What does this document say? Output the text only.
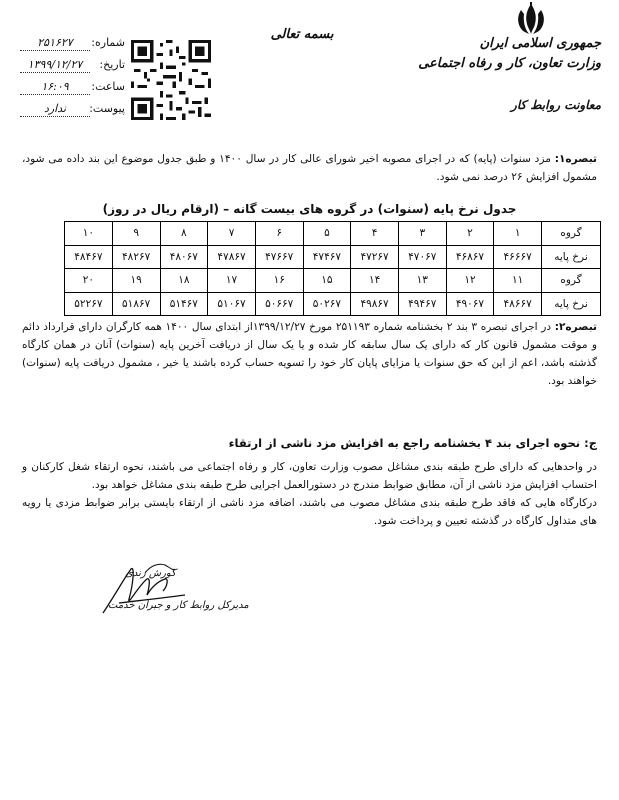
جمهوری اسلامی ایران
وزارت تعاون، کار و رفاه اجتماعی
معاونت روابط کار
بسمه تعالی
شماره:
۲۵۱۶۲۷
تاریخ:
۱۳۹۹/۱۲/۲۷
ساعت:
۱۶:۰۹
پیوست:
ندارد
تبصره۱: مزد سنوات (پایه) که در اجرای مصوبه اخیر شورای عالی کار در سال ۱۴۰۰ و طبق جدول موضوع این بند داده می شود، مشمول افزایش ۲۶ درصد نمی شود.
جدول نرخ پایه (سنوات) در گروه های بیست گانه – (ارقام ریال در روز)
گروه	۱	۲	۳	۴	۵	۶	۷	۸	۹	۱۰
نرخ پایه	۴۶۶۶۷	۴۶۸۶۷	۴۷۰۶۷	۴۷۲۶۷	۴۷۴۶۷	۴۷۶۶۷	۴۷۸۶۷	۴۸۰۶۷	۴۸۲۶۷	۴۸۴۶۷
گروه	۱۱	۱۲	۱۳	۱۴	۱۵	۱۶	۱۷	۱۸	۱۹	۲۰
نرخ پایه	۴۸۶۶۷	۴۹۰۶۷	۴۹۴۶۷	۴۹۸۶۷	۵۰۲۶۷	۵۰۶۶۷	۵۱۰۶۷	۵۱۴۶۷	۵۱۸۶۷	۵۲۲۶۷
تبصره۲: در اجرای تبصره ۳ بند ۲ بخشنامه شماره ۲۵۱۱۹۳ مورخ ۱۳۹۹/۱۲/۲۷از ابتدای سال ۱۴۰۰ همه کارگران دارای قرارداد دائم و موقت مشمول قانون کار که دارای یک سال سابقه کار شده و یا یک سال از دریافت آخرین پایه (سنوات) آنان در همان کارگاه گذشته باشد، اعم از این که حق سنوات یا مزایای پایان کار خود را تسویه حساب کرده باشند یا خیر ، مشمول دریافت پایه (سنوات) خواهند بود.
ج: نحوه اجرای بند ۴ بخشنامه راجع به افزایش مزد ناشی از ارتقاء
در واحدهایی که دارای طرح طبقه بندی مشاغل مصوب وزارت تعاون، کار و رفاه اجتماعی می باشند، نحوه ارتقاء شغل کارکنان و احتساب افزایش مزد ناشی از آن، مطابق ضوابط مندرج در دستورالعمل اجرایی طرح طبقه بندی مشاغل خواهد بود.
درکارگاه هایی که فاقد طرح طبقه بندی مشاغل مصوب می باشند، اضافه مزد ناشی از ارتقاء بایستی برابر ضوابط مزدی یا رویه های متداول کارگاه در گذشته تعیین و پرداخت شود.
کورش زندی
مدیرکل روابط کار و جبران خدمت
